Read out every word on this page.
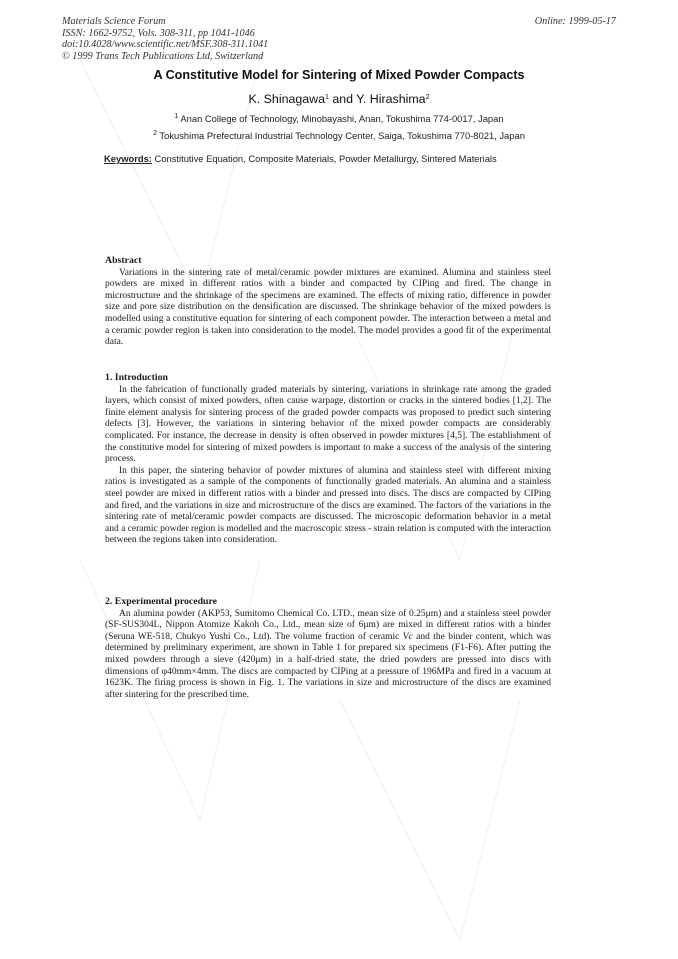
Materials Science Forum
ISSN: 1662-9752, Vols. 308-311, pp 1041-1046
doi:10.4028/www.scientific.net/MSF.308-311.1041
© 1999 Trans Tech Publications Ltd, Switzerland
Online: 1999-05-17
A Constitutive Model for Sintering of Mixed Powder Compacts
K. Shinagawa$^1$ and Y. Hirashima$^2$
$^1$ Anan College of Technology, Minobayashi, Anan, Tokushima 774-0017, Japan
$^2$ Tokushima Prefectural Industrial Technology Center, Saiga, Tokushima 770-8021, Japan
Keywords: Constitutive Equation, Composite Materials, Powder Metallurgy, Sintered Materials
Abstract

Variations in the sintering rate of metal/ceramic powder mixtures are examined. Alumina and stainless steel powders are mixed in different ratios with a binder and compacted by CIPing and fired. The change in microstructure and the shrinkage of the specimens are examined. The effects of mixing ratio, difference in powder size and pore size distribution on the densification are discussed. The shrinkage behavior of the mixed powders is modelled using a constitutive equation for sintering of each component powder. The interaction between a metal and a ceramic powder region is taken into consideration to the model. The model provides a good fit of the experimental data.

1. Introduction

In the fabrication of functionally graded materials by sintering, variations in shrinkage rate among the graded layers, which consist of mixed powders, often cause warpage, distortion or cracks in the sintered bodies [1,2]. The finite element analysis for sintering process of the graded powder compacts was proposed to predict such sintering defects [3]. However, the variations in sintering behavior of the mixed powder compacts are considerably complicated. For instance, the decrease in density is often observed in powder mixtures [4,5]. The establishment of the constitutive model for sintering of mixed powders is important to make a success of the analysis of the sintering process.

In this paper, the sintering behavior of powder mixtures of alumina and stainless steel with different mixing ratios is investigated as a sample of the components of functionally graded materials. An alumina and a stainless steel powder are mixed in different ratios with a binder and pressed into discs. The discs are compacted by CIPing and fired, and the variations in size and microstructure of the discs are examined. The factors of the variations in the sintering rate of metal/ceramic powder compacts are discussed. The microscopic deformation behavior in a metal and a ceramic powder region is modelled and the macroscopic stress - strain relation is computed with the interaction between the regions taken into consideration.

2. Experimental procedure

An alumina powder (AKP53, Sumitomo Chemical Co. LTD., mean size of 0.25μm) and a stainless steel powder (SF-SUS304L, Nippon Atomize Kakoh Co., Ltd., mean size of 6μm) are mixed in different ratios with a binder (Seruna WE-518, Chukyo Yushi Co., Ltd). The volume fraction of ceramic Vc and the binder content, which was determined by preliminary experiment, are shown in Table 1 for prepared six specimens (F1-F6). After putting the mixed powders through a sieve (420μm) in a half-dried state, the dried powders are pressed into discs with dimensions of φ40mm×4mm. The discs are compacted by CIPing at a pressure of 196MPa and fired in a vacuum at 1623K. The firing process is shown in Fig. 1. The variations in size and microstructure of the discs are examined after sintering for the prescribed time.
